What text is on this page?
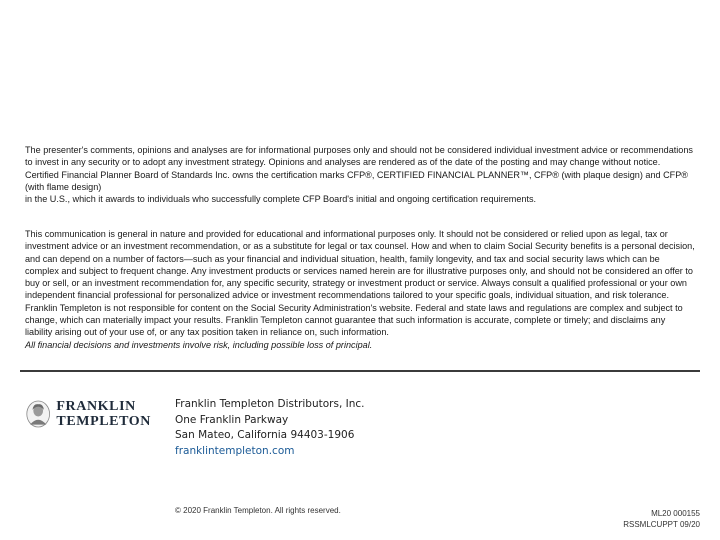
The presenter's comments, opinions and analyses are for informational purposes only and should not be considered individual investment advice or recommendations to invest in any security or to adopt any investment strategy. Opinions and analyses are rendered as of the date of the posting and may change without notice.

Certified Financial Planner Board of Standards Inc. owns the certification marks CFP®, CERTIFIED FINANCIAL PLANNER™, CFP® (with plaque design) and CFP® (with flame design)

in the U.S., which it awards to individuals who successfully complete CFP Board's initial and ongoing certification requirements.

This communication is general in nature and provided for educational and informational purposes only. It should not be considered or relied upon as legal, tax or investment advice or an investment recommendation, or as a substitute for legal or tax counsel. How and when to claim Social Security benefits is a personal decision, and can depend on a number of factors—such as your financial and individual situation, health, family longevity, and tax and social security laws which can be complex and subject to frequent change. Any investment products or services named herein are for illustrative purposes only, and should not be considered an offer to buy or sell, or an investment recommendation for, any specific security, strategy or investment product or service. Always consult a qualified professional or your own independent financial professional for personalized advice or investment recommendations tailored to your specific goals, individual situation, and risk tolerance. Franklin Templeton is not responsible for content on the Social Security Administration's website. Federal and state laws and regulations are complex and subject to change, which can materially impact your results. Franklin Templeton cannot guarantee that such information is accurate, complete or timely; and disclaims any liability arising out of your use of, or any tax position taken in reliance on, such information.

All financial decisions and investments involve risk, including possible loss of principal.

FRANKLIN
TEMPLETON
Franklin Templeton Distributors, Inc.
One Franklin Parkway
San Mateo, California 94403-1906
franklintempleton.com
© 2020 Franklin Templeton. All rights reserved.	ML20 000155
RSSMLCUPPT 09/20
